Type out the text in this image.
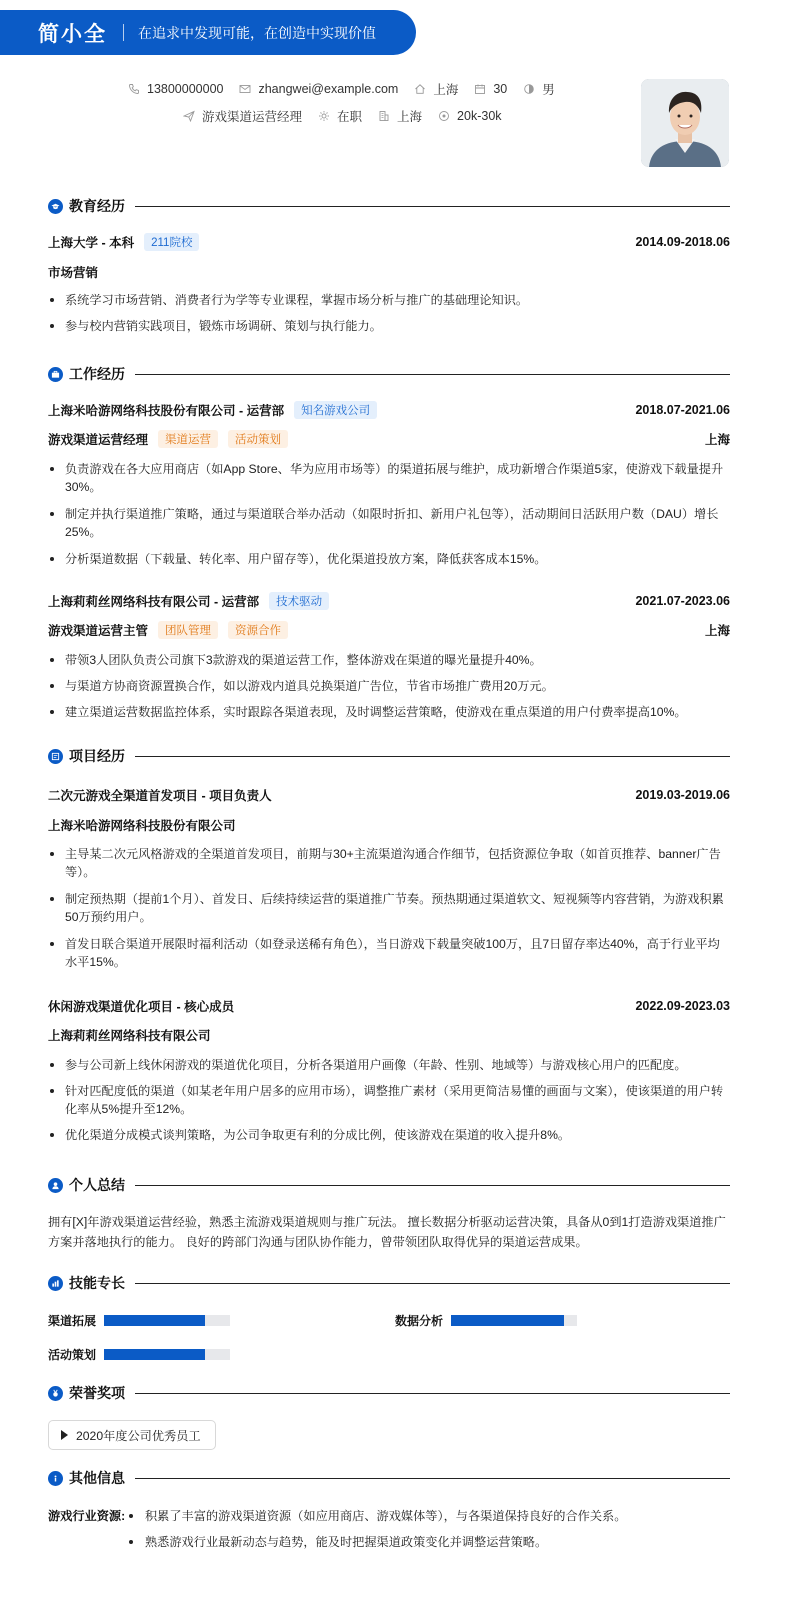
简小全 在追求中发现可能，在创造中实现价值
13800000000	zhangwei@example.com	上海	30	男
游戏渠道运营经理	在职	上海	20k-30k
教育经历
上海大学 - 本科	211院校	2014.09-2018.06
市场营销
系统学习市场营销、消费者行为学等专业课程，掌握市场分析与推广的基础理论知识。
参与校内营销实践项目，锻炼市场调研、策划与执行能力。
工作经历
上海米哈游网络科技股份有限公司 - 运营部	知名游戏公司	2018.07-2021.06
游戏渠道运营经理	渠道运营	活动策划	上海
负责游戏在各大应用商店（如App Store、华为应用市场等）的渠道拓展与维护，成功新增合作渠道5家，使游戏下载量提升30%。
制定并执行渠道推广策略，通过与渠道联合举办活动（如限时折扣、新用户礼包等），活动期间日活跃用户数（DAU）增长25%。
分析渠道数据（下载量、转化率、用户留存等），优化渠道投放方案，降低获客成本15%。
上海莉莉丝网络科技有限公司 - 运营部	技术驱动	2021.07-2023.06
游戏渠道运营主管	团队管理	资源合作	上海
带领3人团队负责公司旗下3款游戏的渠道运营工作，整体游戏在渠道的曝光量提升40%。
与渠道方协商资源置换合作，如以游戏内道具兑换渠道广告位，节省市场推广费用20万元。
建立渠道运营数据监控体系，实时跟踪各渠道表现，及时调整运营策略，使游戏在重点渠道的用户付费率提高10%。
项目经历
二次元游戏全渠道首发项目 - 项目负责人	2019.03-2019.06
上海米哈游网络科技股份有限公司
主导某二次元风格游戏的全渠道首发项目，前期与30+主流渠道沟通合作细节，包括资源位争取（如首页推荐、banner广告等）。
制定预热期（提前1个月）、首发日、后续持续运营的渠道推广节奏。预热期通过渠道软文、短视频等内容营销，为游戏积累50万预约用户。
首发日联合渠道开展限时福利活动（如登录送稀有角色），当日游戏下载量突破100万，且7日留存率达40%，高于行业平均水平15%。
休闲游戏渠道优化项目 - 核心成员	2022.09-2023.03
上海莉莉丝网络科技有限公司
参与公司新上线休闲游戏的渠道优化项目，分析各渠道用户画像（年龄、性别、地域等）与游戏核心用户的匹配度。
针对匹配度低的渠道（如某老年用户居多的应用市场），调整推广素材（采用更简洁易懂的画面与文案），使该渠道的用户转化率从5%提升至12%。
优化渠道分成模式谈判策略，为公司争取更有利的分成比例，使该游戏在渠道的收入提升8%。
个人总结
拥有[X]年游戏渠道运营经验，熟悉主流游戏渠道规则与推广玩法。 擅长数据分析驱动运营决策，具备从0到1打造游戏渠道推广方案并落地执行的能力。 良好的跨部门沟通与团队协作能力，曾带领团队取得优异的渠道运营成果。
技能专长
渠道拓展	数据分析
活动策划
荣誉奖项
2020年度公司优秀员工
其他信息
游戏行业资源:	积累了丰富的游戏渠道资源（如应用商店、游戏媒体等），与各渠道保持良好的合作关系。
熟悉游戏行业最新动态与趋势，能及时把握渠道政策变化并调整运营策略。
